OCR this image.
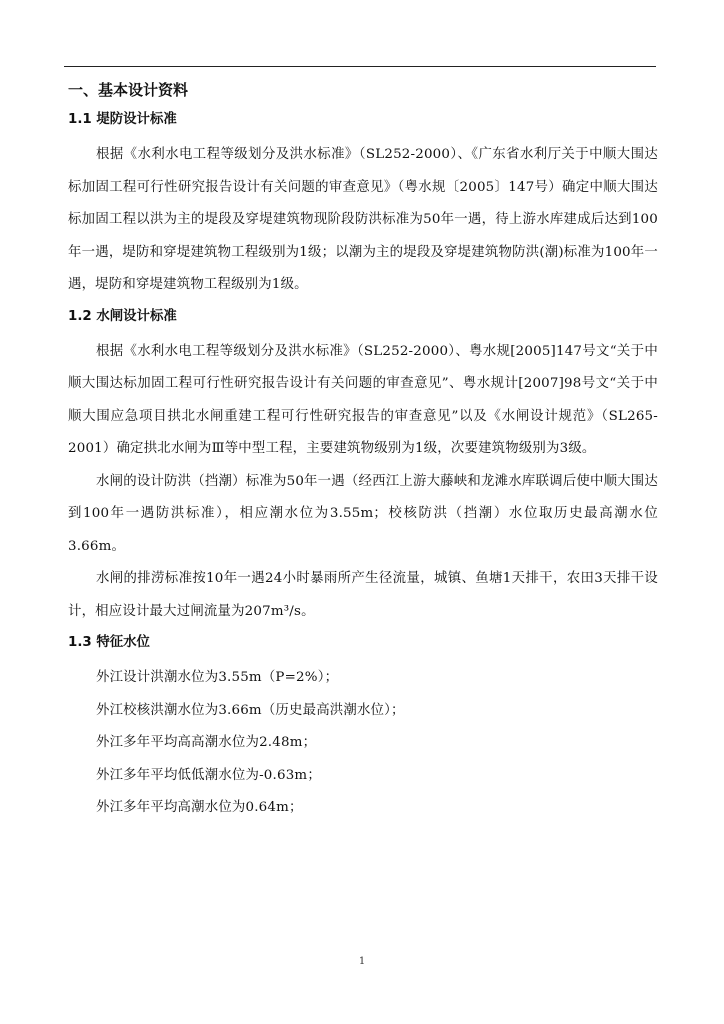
一、基本设计资料
1.1 堤防设计标准

根据《水利水电工程等级划分及洪水标准》（SL252-2000）、《广东省水利厅关于中顺大围达标加固工程可行性研究报告设计有关问题的审查意见》（粤水规〔2005〕147号）确定中顺大围达标加固工程以洪为主的堤段及穿堤建筑物现阶段防洪标准为50年一遇，待上游水库建成后达到100年一遇，堤防和穿堤建筑物工程级别为1级；以潮为主的堤段及穿堤建筑物防洪(潮)标准为100年一遇，堤防和穿堤建筑物工程级别为1级。

1.2 水闸设计标准

根据《水利水电工程等级划分及洪水标准》（SL252-2000）、粤水规[2005]147号文“关于中顺大围达标加固工程可行性研究报告设计有关问题的审查意见”、粤水规计[2007]98号文“关于中顺大围应急项目拱北水闸重建工程可行性研究报告的审查意见”以及《水闸设计规范》（SL265-2001）确定拱北水闸为Ⅲ等中型工程，主要建筑物级别为1级，次要建筑物级别为3级。

水闸的设计防洪（挡潮）标准为50年一遇（经西江上游大藤峡和龙滩水库联调后使中顺大围达到100年一遇防洪标准），相应潮水位为3.55m；校核防洪（挡潮）水位取历史最高潮水位3.66m。

水闸的排涝标准按10年一遇24小时暴雨所产生径流量，城镇、鱼塘1天排干，农田3天排干设计，相应设计最大过闸流量为207m³/s。

1.3 特征水位

外江设计洪潮水位为3.55m（P=2%）；

外江校核洪潮水位为3.66m（历史最高洪潮水位）；

外江多年平均高高潮水位为2.48m；

外江多年平均低低潮水位为-0.63m；

外江多年平均高潮水位为0.64m；

1
